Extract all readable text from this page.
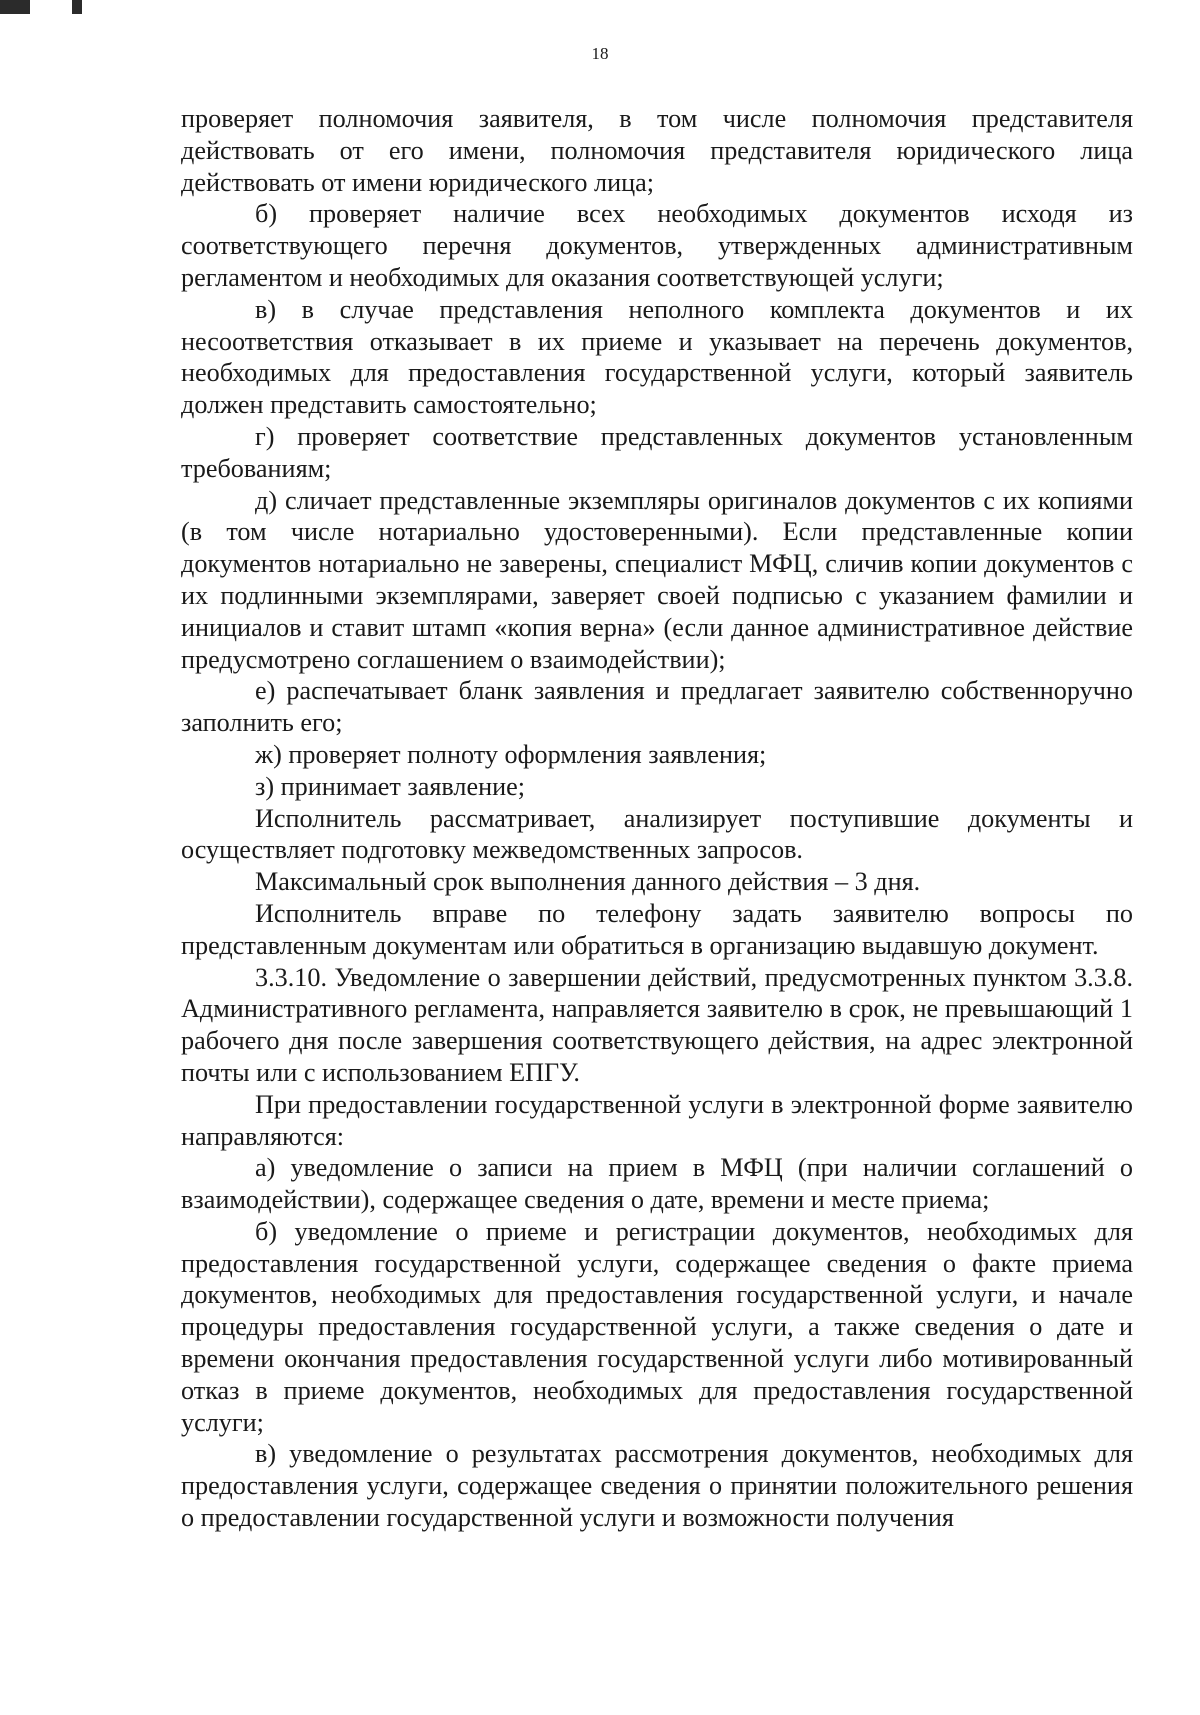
18

проверяет полномочия заявителя, в том числе полномочия представителя действовать от его имени, полномочия представителя юридического лица действовать от имени юридического лица;

б) проверяет наличие всех необходимых документов исходя из соответствующего перечня документов, утвержденных административным регламентом и необходимых для оказания соответствующей услуги;

в) в случае представления неполного комплекта документов и их несоответствия отказывает в их приеме и указывает на перечень документов, необходимых для предоставления государственной услуги, который заявитель должен представить самостоятельно;

г) проверяет соответствие представленных документов установленным требованиям;

д) сличает представленные экземпляры оригиналов документов с их копиями (в том числе нотариально удостоверенными). Если представленные копии документов нотариально не заверены, специалист МФЦ, сличив копии документов с их подлинными экземплярами, заверяет своей подписью с указанием фамилии и инициалов и ставит штамп «копия верна» (если данное административное действие предусмотрено соглашением о взаимодействии);

е) распечатывает бланк заявления и предлагает заявителю собственноручно заполнить его;

ж) проверяет полноту оформления заявления;

з) принимает заявление;

Исполнитель рассматривает, анализирует поступившие документы и осуществляет подготовку межведомственных запросов.

Максимальный срок выполнения данного действия – 3 дня.

Исполнитель вправе по телефону задать заявителю вопросы по представленным документам или обратиться в организацию выдавшую документ.

3.3.10. Уведомление о завершении действий, предусмотренных пунктом 3.3.8. Административного регламента, направляется заявителю в срок, не превышающий 1 рабочего дня после завершения соответствующего действия, на адрес электронной почты или с использованием ЕПГУ.

При предоставлении государственной услуги в электронной форме заявителю направляются:

а) уведомление о записи на прием в МФЦ (при наличии соглашений о взаимодействии), содержащее сведения о дате, времени и месте приема;

б) уведомление о приеме и регистрации документов, необходимых для предоставления государственной услуги, содержащее сведения о факте приема документов, необходимых для предоставления государственной услуги, и начале процедуры предоставления государственной услуги, а также сведения о дате и времени окончания предоставления государственной услуги либо мотивированный отказ в приеме документов, необходимых для предоставления государственной услуги;

в) уведомление о результатах рассмотрения документов, необходимых для предоставления услуги, содержащее сведения о принятии положительного решения о предоставлении государственной услуги и возможности получения
